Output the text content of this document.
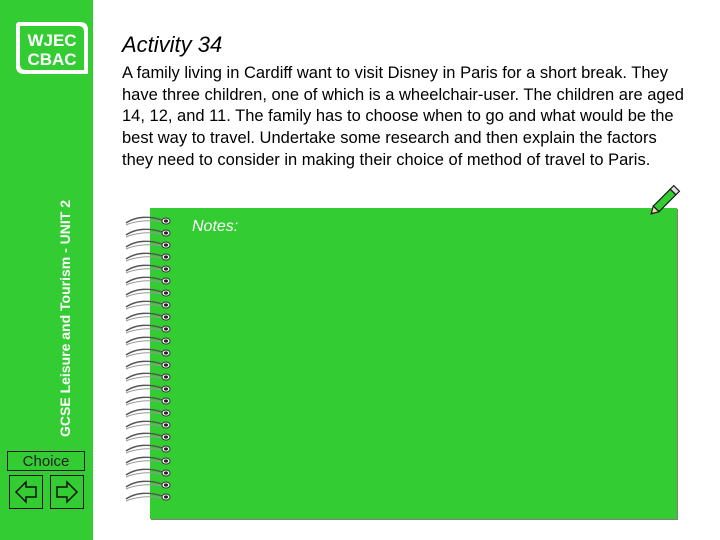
WJEC
CBAC
GCSE Leisure and Tourism - UNIT 2
Choice
Activity 34
A family living in Cardiff want to visit Disney in Paris for a short break. They have three children, one of which is a wheelchair-user. The children are aged 14, 12, and 11. The family has to choose when to go and what would be the best way to travel. Undertake some research and then explain the factors they need to consider in making their choice of method of travel to Paris.
Notes:
